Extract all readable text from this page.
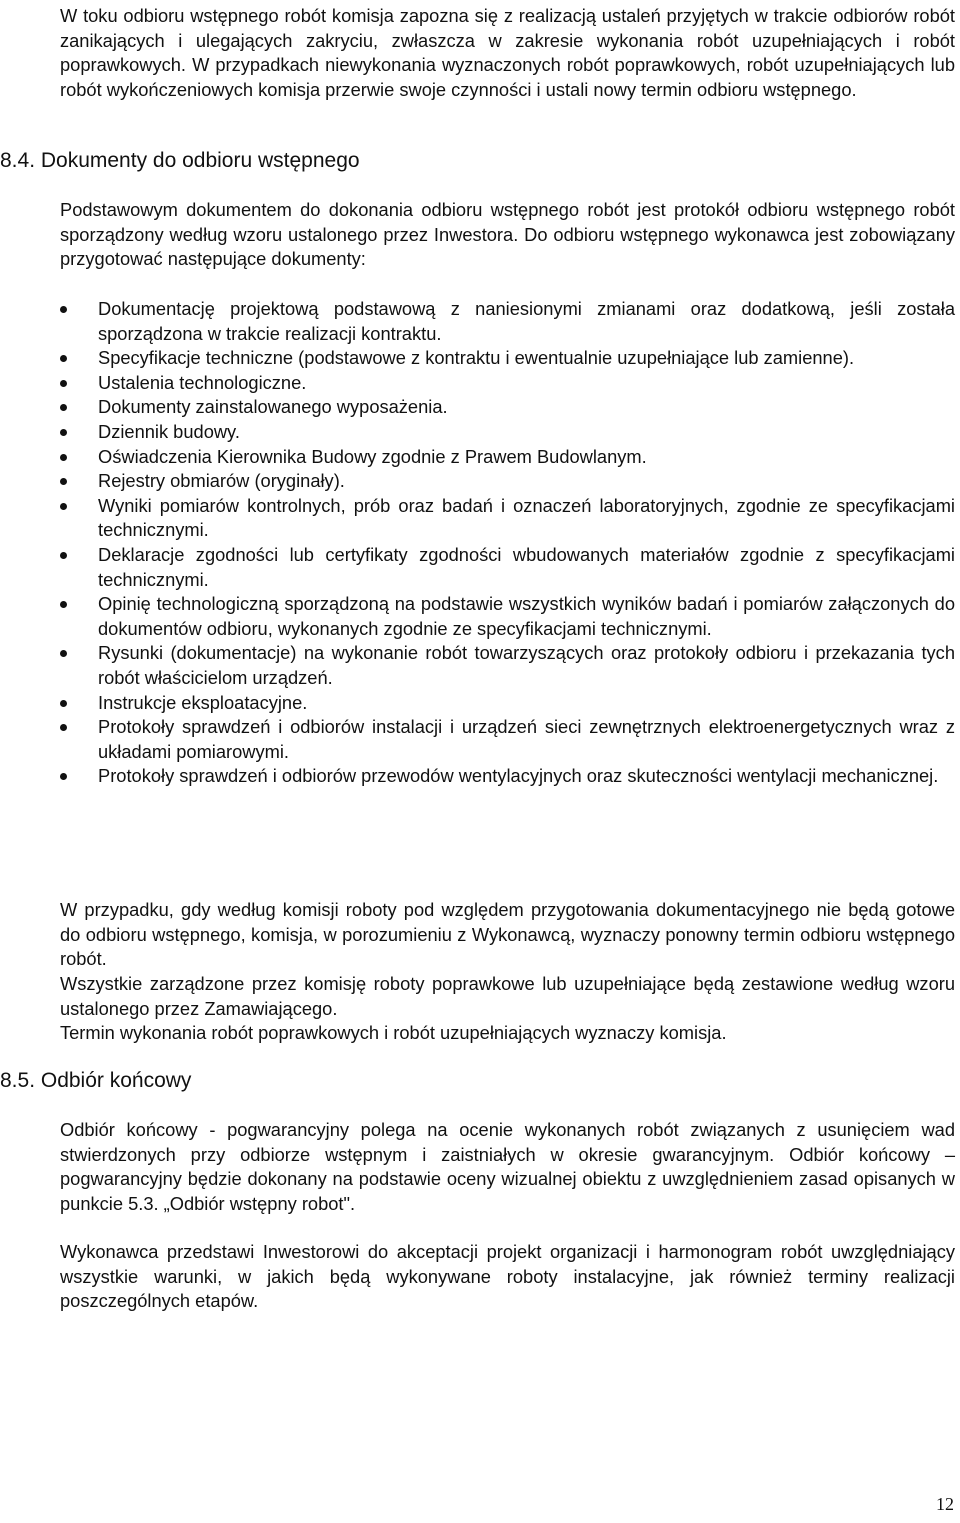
W toku odbioru wstępnego robót komisja zapozna się z realizacją ustaleń przyjętych w trakcie odbiorów robót zanikających i ulegających zakryciu, zwłaszcza w zakresie wykonania robót uzupełniających i robót poprawkowych. W przypadkach niewykonania wyznaczonych robót poprawkowych, robót uzupełniających lub robót wykończeniowych komisja przerwie swoje czynności i ustali nowy termin odbioru wstępnego.

8.4. Dokumenty do odbioru wstępnego

Podstawowym dokumentem do dokonania odbioru wstępnego robót jest protokół odbioru wstępnego robót sporządzony według wzoru ustalonego przez Inwestora. Do odbioru wstępnego wykonawca jest zobowiązany przygotować następujące dokumenty:

Dokumentację projektową podstawową z naniesionymi zmianami oraz dodatkową, jeśli została sporządzona w trakcie realizacji kontraktu.
Specyfikacje techniczne (podstawowe z kontraktu i ewentualnie uzupełniające lub zamienne).
Ustalenia technologiczne.
Dokumenty zainstalowanego wyposażenia.
Dziennik budowy.
Oświadczenia Kierownika Budowy zgodnie z Prawem Budowlanym.
Rejestry obmiarów (oryginały).
Wyniki pomiarów kontrolnych, prób oraz badań i oznaczeń laboratoryjnych, zgodnie ze specyfikacjami technicznymi.
Deklaracje zgodności lub certyfikaty zgodności wbudowanych materiałów zgodnie z specyfikacjami technicznymi.
Opinię technologiczną sporządzoną na podstawie wszystkich wyników badań i pomiarów załączonych do dokumentów odbioru, wykonanych zgodnie ze specyfikacjami technicznymi.
Rysunki (dokumentacje) na wykonanie robót towarzyszących oraz protokoły odbioru i przekazania tych robót właścicielom urządzeń.
Instrukcje eksploatacyjne.
Protokoły sprawdzeń i odbiorów instalacji i urządzeń sieci zewnętrznych elektroenergetycznych wraz z układami pomiarowymi.
Protokoły sprawdzeń i odbiorów przewodów wentylacyjnych oraz skuteczności wentylacji mechanicznej.

W przypadku, gdy według komisji roboty pod względem przygotowania dokumentacyjnego nie będą gotowe do odbioru wstępnego, komisja, w porozumieniu z Wykonawcą, wyznaczy ponowny termin odbioru wstępnego robót.

Wszystkie zarządzone przez komisję roboty poprawkowe lub uzupełniające będą zestawione według wzoru ustalonego przez Zamawiającego.

Termin wykonania robót poprawkowych i robót uzupełniających wyznaczy komisja.

8.5. Odbiór końcowy

Odbiór końcowy - pogwarancyjny polega na ocenie wykonanych robót związanych z usunięciem wad stwierdzonych przy odbiorze wstępnym i zaistniałych w okresie gwarancyjnym. Odbiór końcowy – pogwarancyjny będzie dokonany na podstawie oceny wizualnej obiektu z uwzględnieniem zasad opisanych w punkcie 5.3. „Odbiór wstępny robot".

Wykonawca przedstawi Inwestorowi do akceptacji projekt organizacji i harmonogram robót uwzględniający wszystkie warunki, w jakich będą wykonywane roboty instalacyjne, jak również terminy realizacji poszczególnych etapów.

12
